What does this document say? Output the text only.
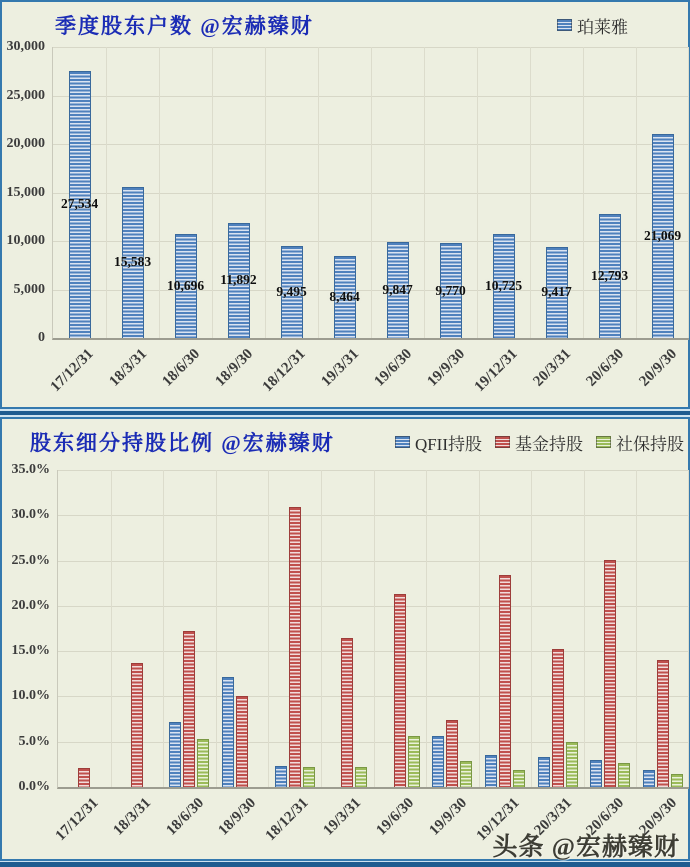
季度股东户数 @宏赫臻财	珀莱雅
0
5,000
10,000
15,000
20,000
25,000
30,000
27,534
15,583
10,696 11,892
9,495 8,464 9,847 9,770 10,725 9,417
12,793
21,069
17/12/31 18/3/31 18/6/30 18/9/30 18/12/31 19/3/31 19/6/30 19/9/30 19/12/31 20/3/31 20/6/30 20/9/30
股东细分持股比例 @宏赫臻财	QFII持股 基金持股 社保持股
0.0%
5.0%
10.0%
15.0%
20.0%
25.0%
30.0%
35.0%
17/12/31 18/3/31 18/6/30 18/9/30 18/12/31 19/3/31 19/6/30 19/9/30 19/12/31 20/3/31 20/6/30 20/9/30
头条 @宏赫臻财
